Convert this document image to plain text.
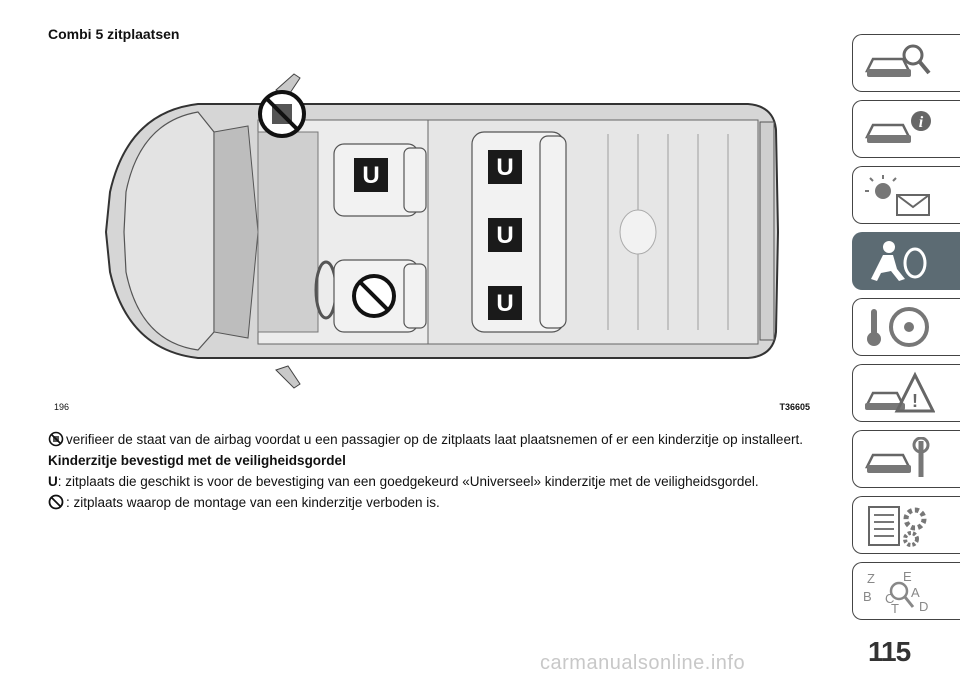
Combi 5 zitplaatsen
U	U
U
U
196	T36605
verifieer de staat van de airbag voordat u een passagier op de zitplaats laat plaatsnemen of er een kinderzitje op installeert.
Kinderzitje bevestigd met de veiligheidsgordel
U: zitplaats die geschikt is voor de bevestiging van een goedgekeurd «Universeel» kinderzitje met de veiligheidsgordel.
: zitplaats waarop de montage van een kinderzitje verboden is.
i
!
Z E
A
B C
D
T
115
carmanualsonline.info
